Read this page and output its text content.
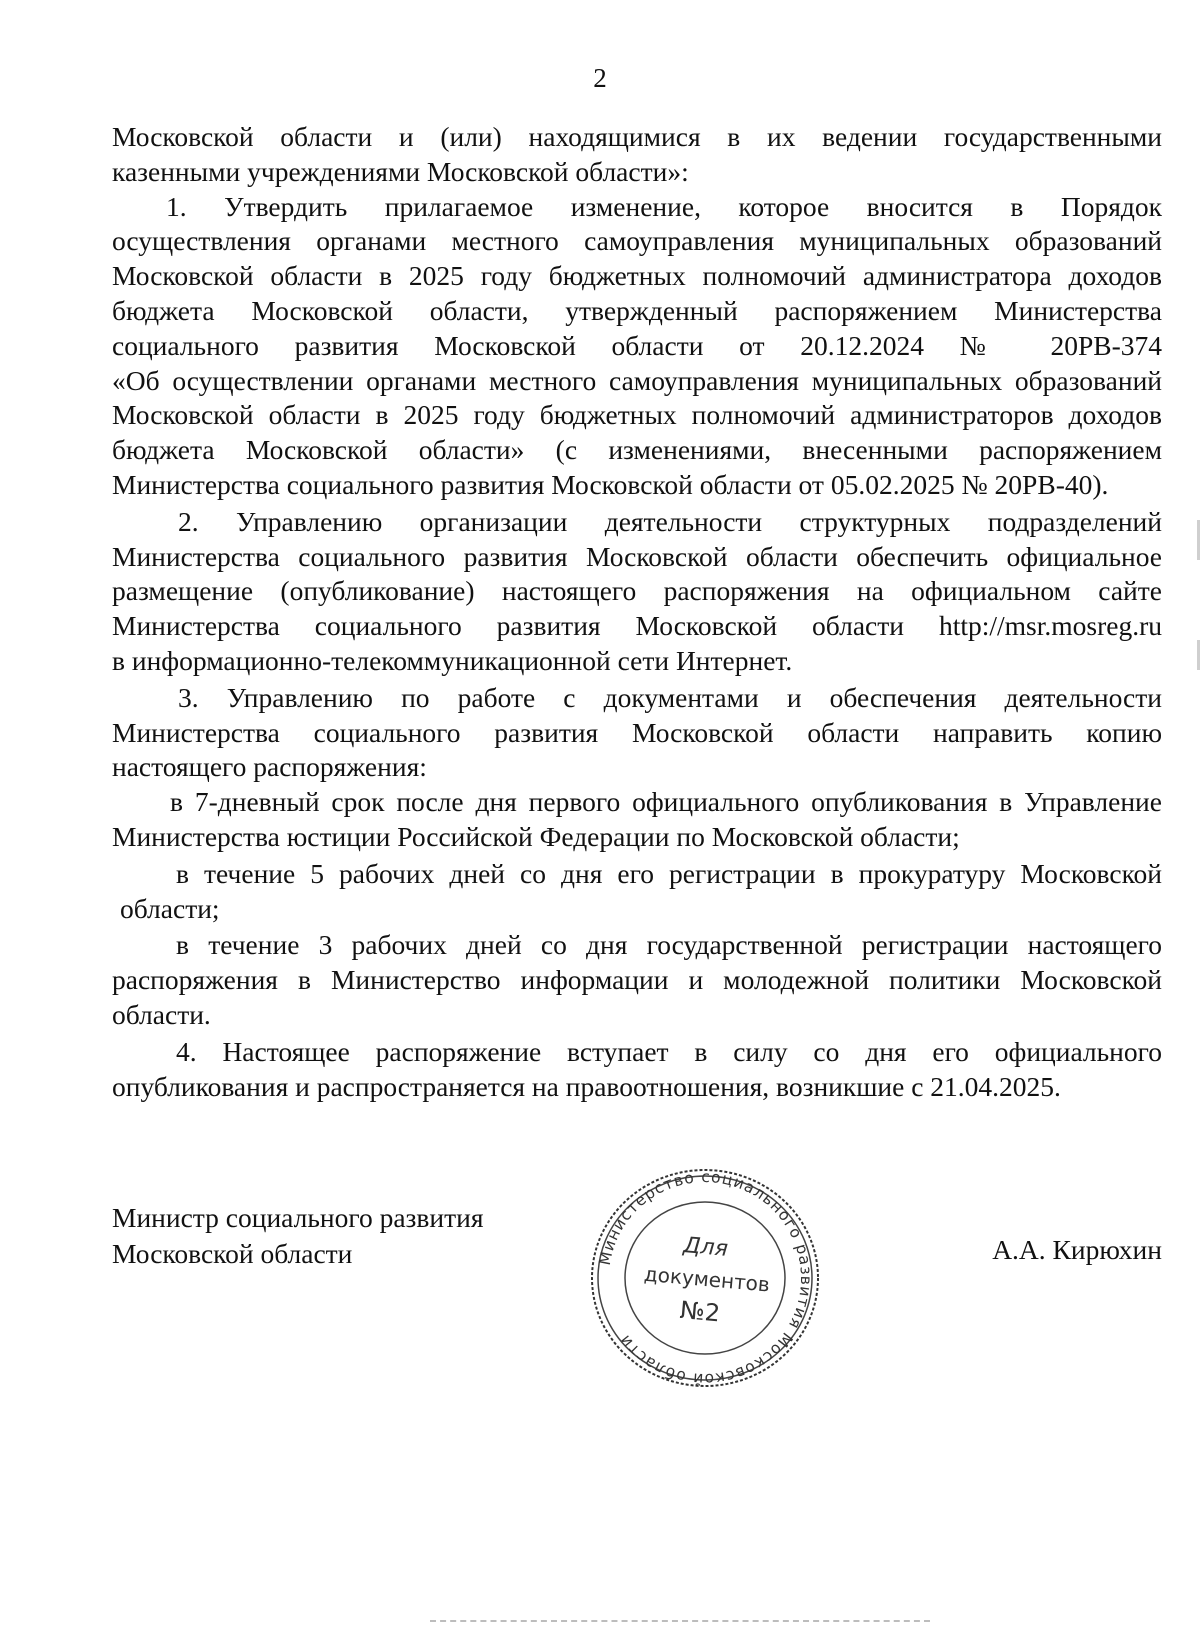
2
Московской области и (или) находящимися в их ведении государственными
казенными учреждениями Московской области»:
1. Утвердить прилагаемое изменение, которое вносится в Порядок
осуществления органами местного самоуправления муниципальных образований
Московской области в 2025 году бюджетных полномочий администратора доходов
бюджета Московской области, утвержденный распоряжением Министерства
социального развития Московской области от 20.12.2024 № 20РВ-374
«Об осуществлении органами местного самоуправления муниципальных образований
Московской области в 2025 году бюджетных полномочий администраторов доходов
бюджета Московской области» (с изменениями, внесенными распоряжением
Министерства социального развития Московской области от 05.02.2025 № 20РВ-40).
2. Управлению организации деятельности структурных подразделений
Министерства социального развития Московской области обеспечить официальное
размещение (опубликование) настоящего распоряжения на официальном сайте
Министерства социального развития Московской области http://msr.mosreg.ru
в информационно-телекоммуникационной сети Интернет.
3. Управлению по работе с документами и обеспечения деятельности
Министерства социального развития Московской области направить копию
настоящего распоряжения:
в 7-дневный срок после дня первого официального опубликования в Управление
Министерства юстиции Российской Федерации по Московской области;
в течение 5 рабочих дней со дня его регистрации в прокуратуру Московской
области;
в течение 3 рабочих дней со дня государственной регистрации настоящего
распоряжения в Министерство информации и молодежной политики Московской
области.
4. Настоящее распоряжение вступает в силу со дня его официального
опубликования и распространяется на правоотношения, возникшие с 21.04.2025.
Министр социального развития
Московской области	А.А. Кирюхин
Министерство социального развития Московской области
Для
документов
№2
